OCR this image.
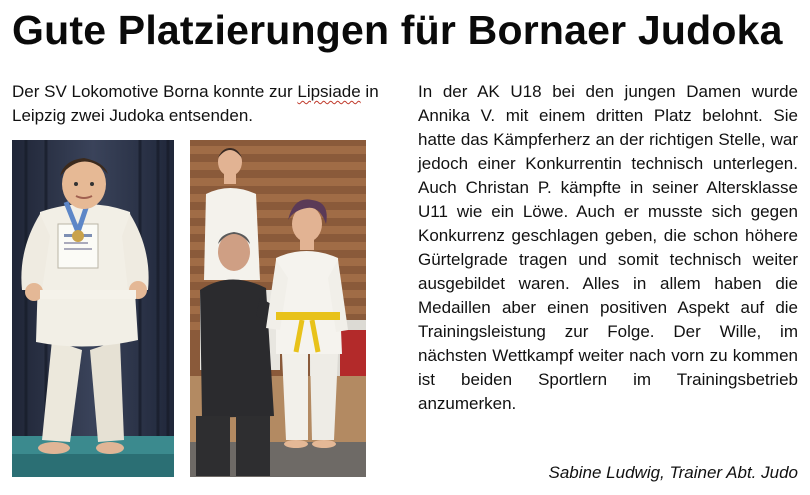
Gute Platzierungen für Bornaer Judoka
Der SV Lokomotive Borna konnte zur Lipsiade in Leipzig zwei Judoka entsenden.
In der AK U18 bei den jungen Damen wurde Annika V. mit einem dritten Platz belohnt. Sie hatte das Kämpferherz an der richtigen Stelle, war jedoch einer Konkurrentin technisch unterlegen. Auch Christan P. kämpfte in seiner Altersklasse U11 wie ein Löwe. Auch er musste sich gegen Konkurrenz geschlagen geben, die schon höhere Gürtelgrade tragen und somit technisch weiter ausgebildet waren. Alles in allem haben die Medaillen aber einen positiven Aspekt auf die Trainingsleistung zur Folge. Der Wille, im nächsten Wettkampf weiter nach vorn zu kommen ist beiden Sportlern im Trainingsbetrieb anzumerken.
Sabine Ludwig, Trainer Abt. Judo
